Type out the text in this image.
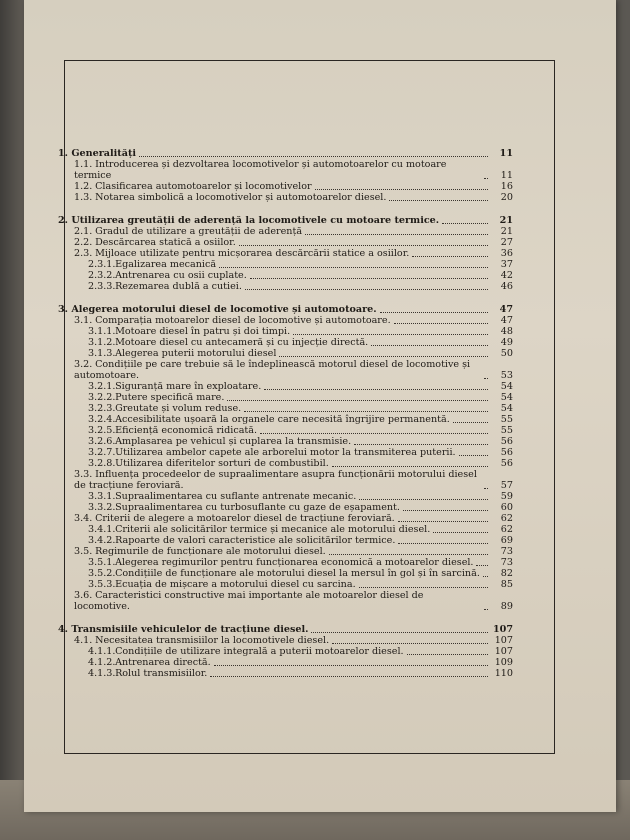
1. Generalități	11
1.1. Introducerea și dezvoltarea locomotivelor și automotoarelor cu motoare termice	11
1.2. Clasificarea automotoarelor și locomotivelor	16
1.3. Notarea simbolică a locomotivelor și automotoarelor diesel.	20
2. Utilizarea greutății de aderență la locomotivele cu motoare termice.	21
2.1. Gradul de utilizare a greutății de aderență	21
2.2. Descărcarea statică a osiilor.	27
2.3. Mijloace utilizate pentru micșorarea descărcării statice a osiilor.	36
2.3.1. Egalizarea mecanică	37
2.3.2. Antrenarea cu osii cuplate.	42
2.3.3. Rezemarea dublă a cutiei.	46
3. Alegerea motorului diesel de locomotive și automotoare.	47
3.1. Comparația motoarelor diesel de locomotive și automotoare.	47
3.1.1. Motoare diesel în patru și doi timpi.	48
3.1.2. Motoare diesel cu antecameră și cu injecție directă.	49
3.1.3. Alegerea puterii motorului diesel	50
3.2. Condițiile pe care trebuie să le îndeplinească motorul diesel de locomotive și automotoare.	53
3.2.1. Siguranță mare în exploatare.	54
3.2.2. Putere specifică mare.	54
3.2.3. Greutate și volum reduse.	54
3.2.4. Accesibilitate ușoară la organele care necesită îngrijire permanentă.	55
3.2.5. Eficiență economică ridicată.	55
3.2.6. Amplasarea pe vehicul și cuplarea la transmisie.	56
3.2.7. Utilizarea ambelor capete ale arborelui motor la transmiterea puterii.	56
3.2.8. Utilizarea diferitelor sorturi de combustibil.	56
3.3. Influența procedeelor de supraalimentare asupra funcționării motorului diesel de tracțiune feroviară.	57
3.3.1. Supraalimentarea cu suflante antrenate mecanic.	59
3.3.2. Supraalimentarea cu turbosuflante cu gaze de eșapament.	60
3.4. Criterii de alegere a motoarelor diesel de tracțiune feroviară.	62
3.4.1. Criterii ale solicitărilor termice și mecanice ale motorului diesel.	62
3.4.2. Rapoarte de valori caracteristice ale solicitărilor termice.	69
3.5. Regimurile de funcționare ale motorului diesel.	73
3.5.1. Alegerea regimurilor pentru funcționarea economică a motoarelor diesel.	73
3.5.2. Condițiile de funcționare ale motorului diesel la mersul în gol și în sarcină.	82
3.5.3. Ecuația de mișcare a motorului diesel cu sarcina.	85
3.6. Caracteristici constructive mai importante ale motoarelor diesel de locomotive.	89
4. Transmisiile vehiculelor de tracțiune diesel.	107
4.1. Necesitatea transmisiilor la locomotivele diesel.	107
4.1.1. Condițiile de utilizare integrală a puterii motoarelor diesel.	107
4.1.2. Antrenarea directă.	109
4.1.3. Rolul transmisiilor.	110
